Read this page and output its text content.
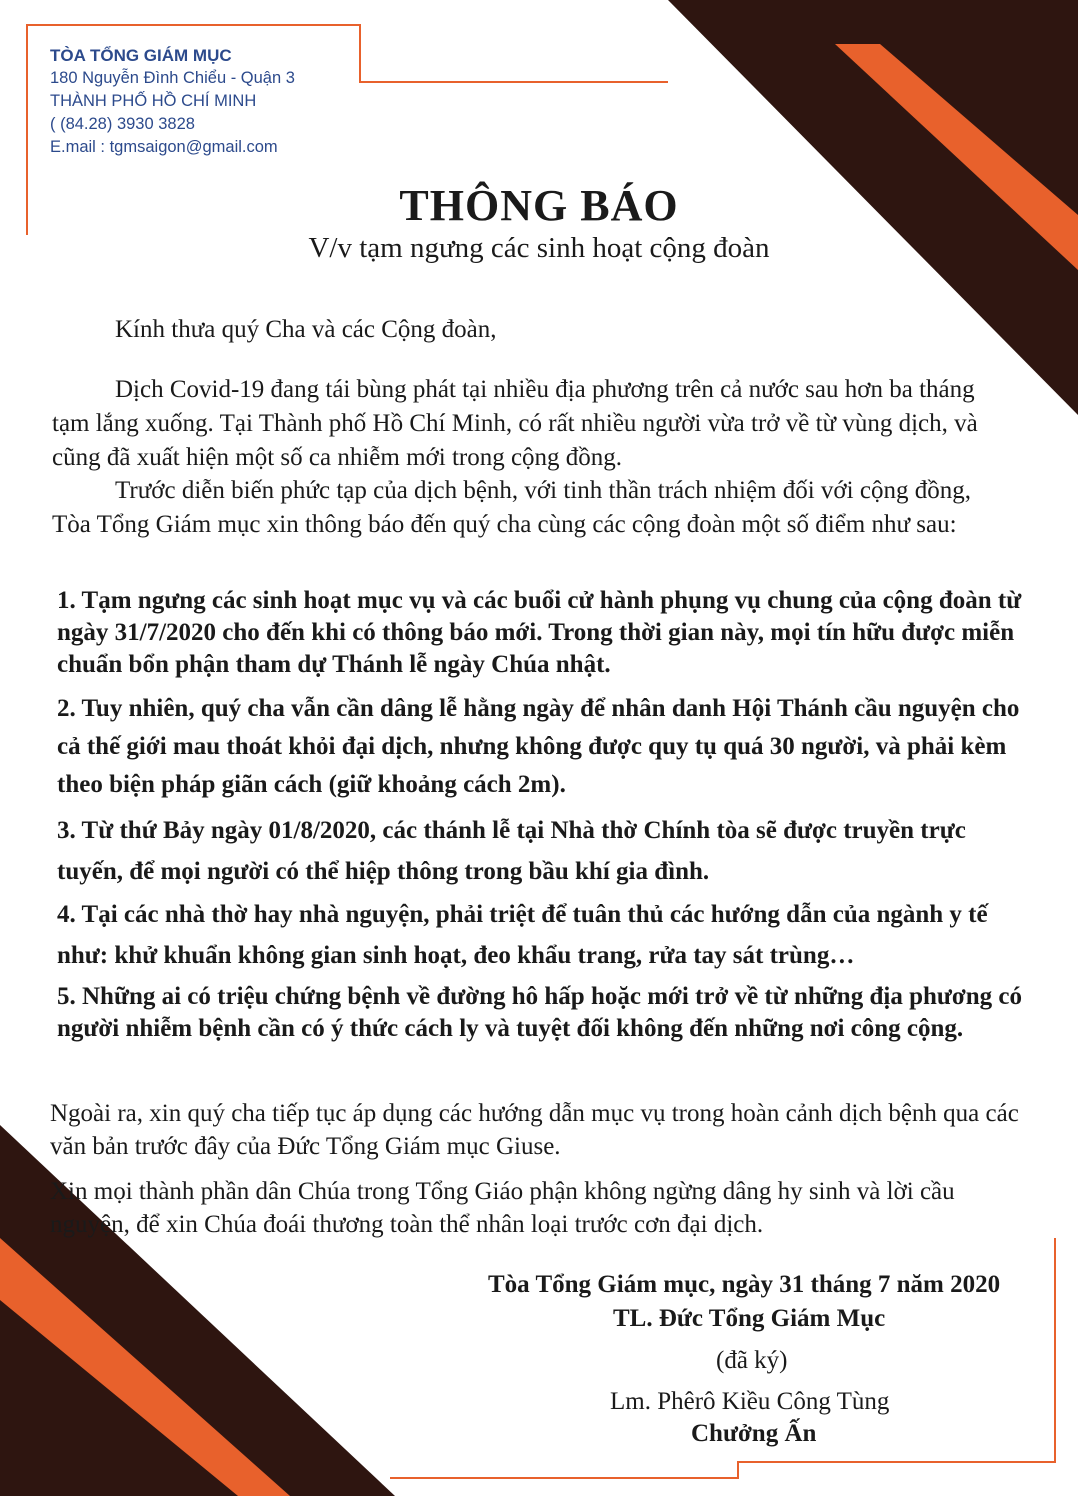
TÒA TỔNG GIÁM MỤC
180 Nguyễn Đình Chiểu - Quận 3
THÀNH PHỐ HỒ CHÍ MINH
( (84.28) 3930 3828
E.mail : tgmsaigon@gmail.com
THÔNG BÁO
V/v tạm ngưng các sinh hoạt cộng đoàn

Kính thưa quý Cha và các Cộng đoàn,

Dịch Covid-19 đang tái bùng phát tại nhiều địa phương trên cả nước sau hơn ba tháng tạm lắng xuống. Tại Thành phố Hồ Chí Minh, có rất nhiều người vừa trở về từ vùng dịch, và cũng đã xuất hiện một số ca nhiễm mới trong cộng đồng.

Trước diễn biến phức tạp của dịch bệnh, với tinh thần trách nhiệm đối với cộng đồng, Tòa Tổng Giám mục xin thông báo đến quý cha cùng các cộng đoàn một số điểm như sau:

1. Tạm ngưng các sinh hoạt mục vụ và các buổi cử hành phụng vụ chung của cộng đoàn từ ngày 31/7/2020 cho đến khi có thông báo mới. Trong thời gian này, mọi tín hữu được miễn chuẩn bổn phận tham dự Thánh lễ ngày Chúa nhật.

2. Tuy nhiên, quý cha vẫn cần dâng lễ hằng ngày để nhân danh Hội Thánh cầu nguyện cho cả thế giới mau thoát khỏi đại dịch, nhưng không được quy tụ quá 30 người, và phải kèm theo biện pháp giãn cách (giữ khoảng cách 2m).

3. Từ thứ Bảy ngày 01/8/2020, các thánh lễ tại Nhà thờ Chính tòa sẽ được truyền trực tuyến, để mọi người có thể hiệp thông trong bầu khí gia đình.

4. Tại các nhà thờ hay nhà nguyện, phải triệt để tuân thủ các hướng dẫn của ngành y tế như: khử khuẩn không gian sinh hoạt, đeo khẩu trang, rửa tay sát trùng…

5. Những ai có triệu chứng bệnh về đường hô hấp hoặc mới trở về từ những địa phương có người nhiễm bệnh cần có ý thức cách ly và tuyệt đối không đến những nơi công cộng.

Ngoài ra, xin quý cha tiếp tục áp dụng các hướng dẫn mục vụ trong hoàn cảnh dịch bệnh qua các văn bản trước đây của Đức Tổng Giám mục Giuse.

Xin mọi thành phần dân Chúa trong Tổng Giáo phận không ngừng dâng hy sinh và lời cầu nguyện, để xin Chúa đoái thương toàn thể nhân loại trước cơn đại dịch.

Tòa Tổng Giám mục, ngày 31 tháng 7 năm 2020

TL. Đức Tổng Giám Mục

(đã ký)

Lm. Phêrô Kiều Công Tùng

Chưởng Ấn
